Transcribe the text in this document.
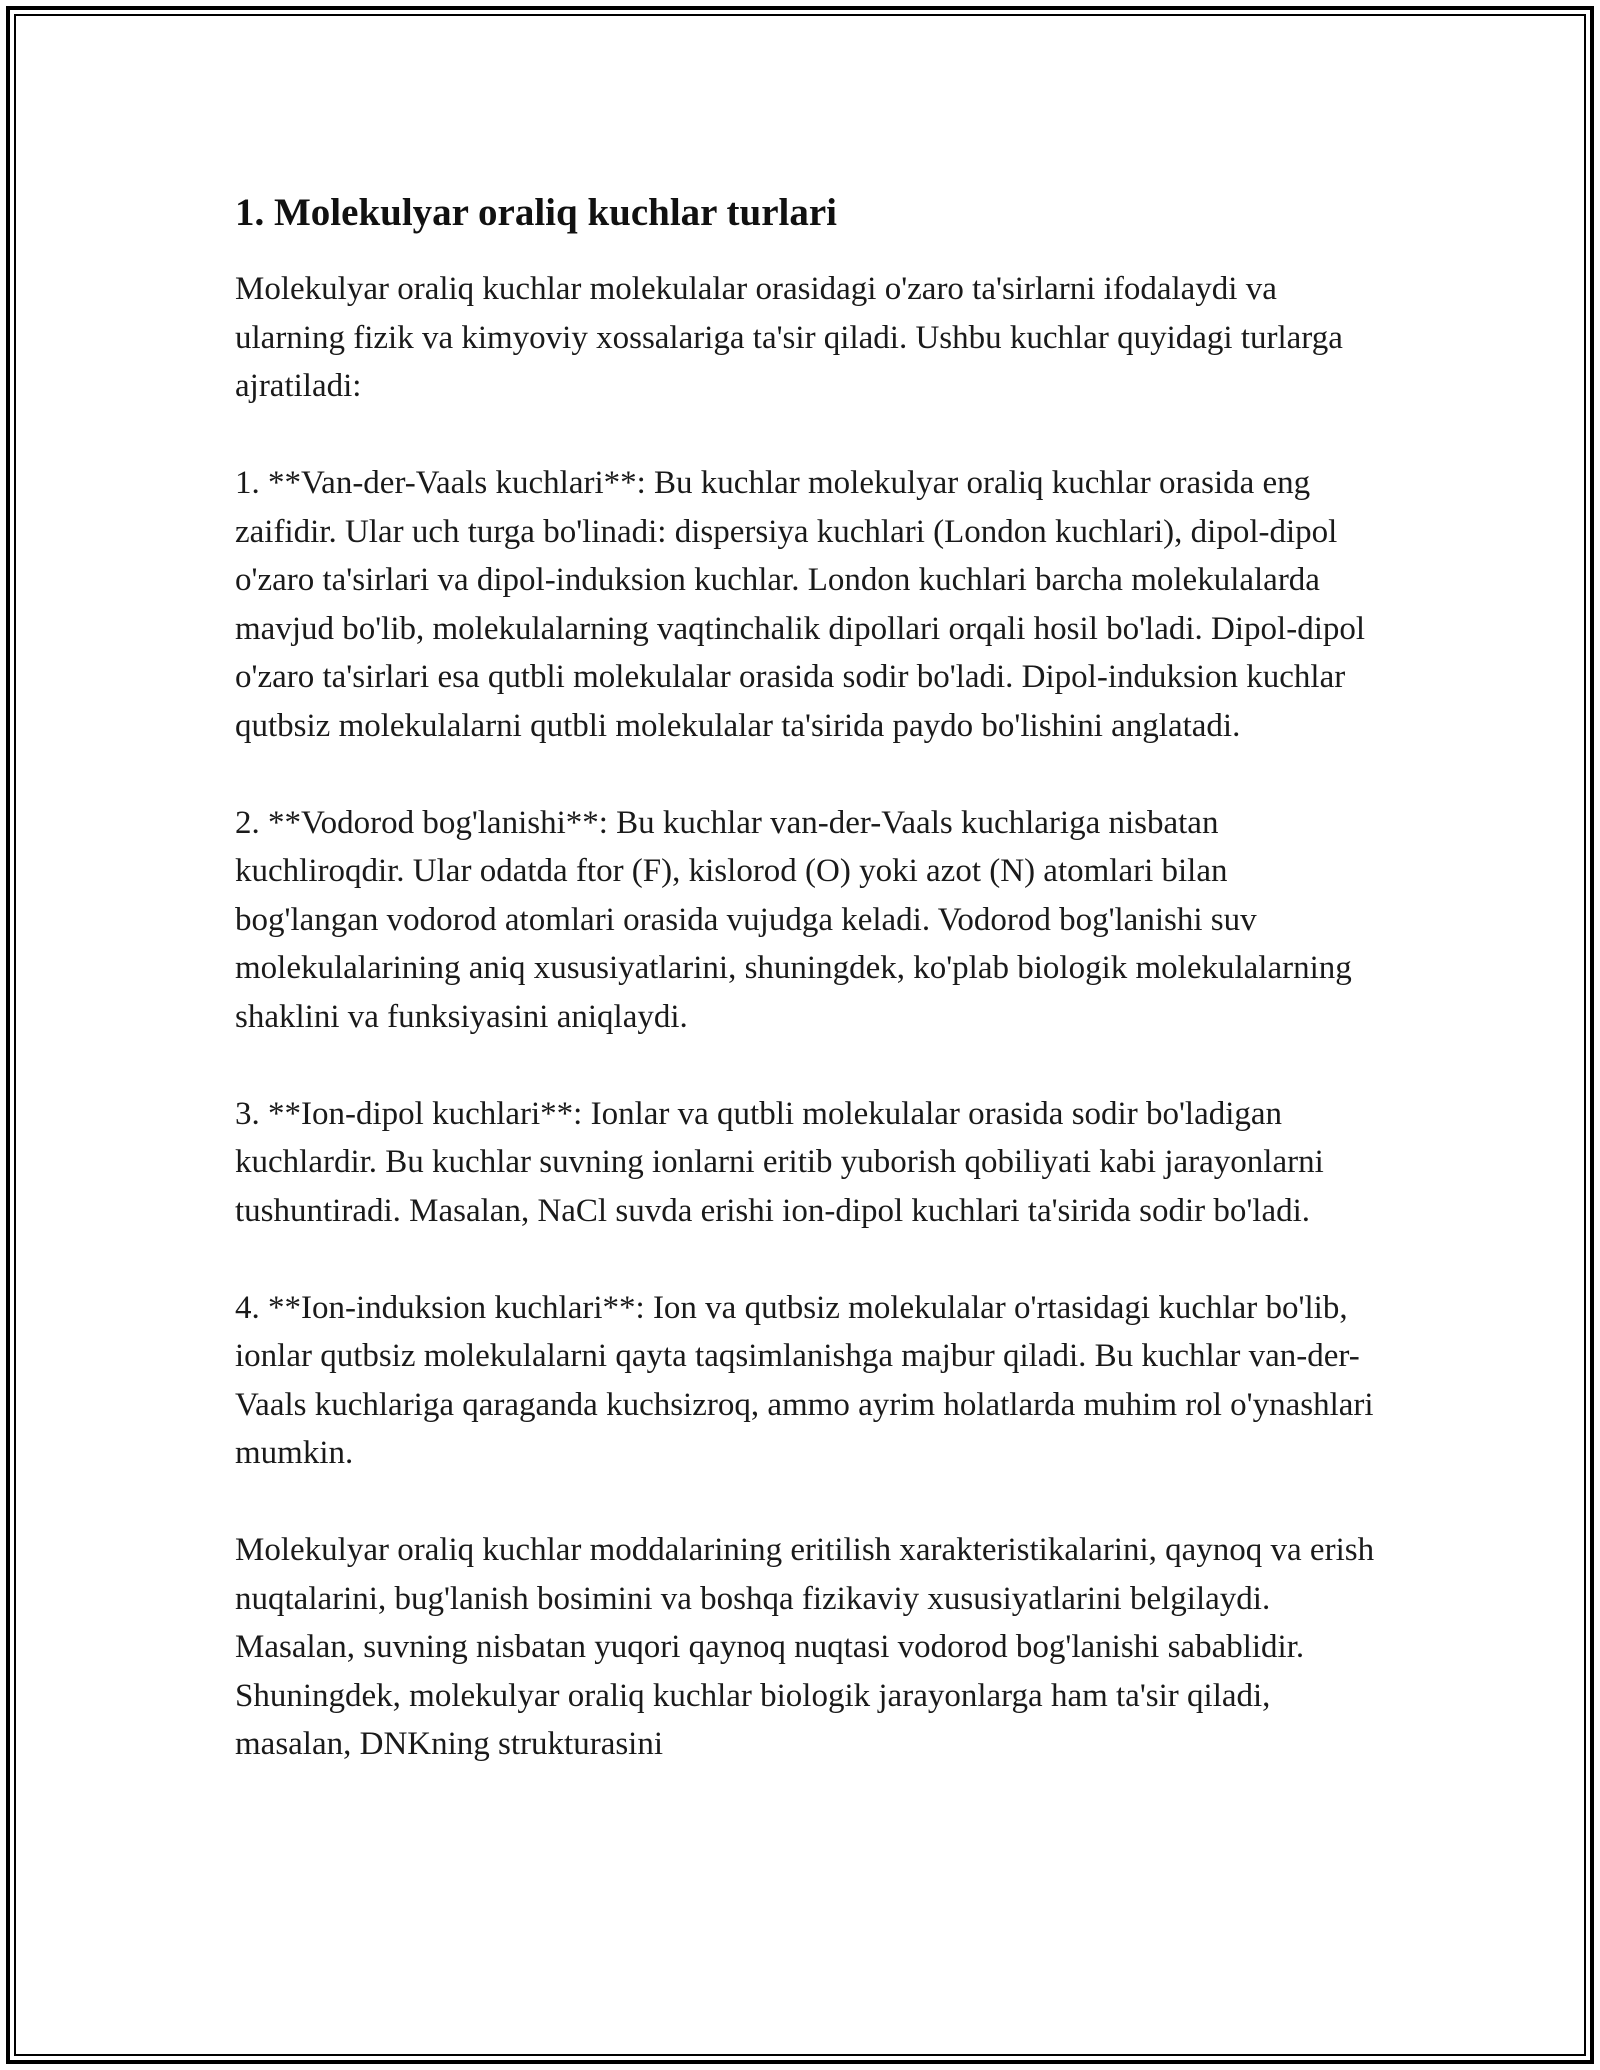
1. Molekulyar oraliq kuchlar turlari

Molekulyar oraliq kuchlar molekulalar orasidagi o'zaro ta'sirlarni ifodalaydi va ularning fizik va kimyoviy xossalariga ta'sir qiladi. Ushbu kuchlar quyidagi turlarga ajratiladi:

1. **Van-der-Vaals kuchlari**: Bu kuchlar molekulyar oraliq kuchlar orasida eng zaifidir. Ular uch turga bo'linadi: dispersiya kuchlari (London kuchlari), dipol-dipol o'zaro ta'sirlari va dipol-induksion kuchlar. London kuchlari barcha molekulalarda mavjud bo'lib, molekulalarning vaqtinchalik dipollari orqali hosil bo'ladi. Dipol-dipol o'zaro ta'sirlari esa qutbli molekulalar orasida sodir bo'ladi. Dipol-induksion kuchlar qutbsiz molekulalarni qutbli molekulalar ta'sirida paydo bo'lishini anglatadi.

2. **Vodorod bog'lanishi**: Bu kuchlar van-der-Vaals kuchlariga nisbatan kuchliroqdir. Ular odatda ftor (F), kislorod (O) yoki azot (N) atomlari bilan bog'langan vodorod atomlari orasida vujudga keladi. Vodorod bog'lanishi suv molekulalarining aniq xususiyatlarini, shuningdek, ko'plab biologik molekulalarning shaklini va funksiyasini aniqlaydi.

3. **Ion-dipol kuchlari**: Ionlar va qutbli molekulalar orasida sodir bo'ladigan kuchlardir. Bu kuchlar suvning ionlarni eritib yuborish qobiliyati kabi jarayonlarni tushuntiradi. Masalan, NaCl suvda erishi ion-dipol kuchlari ta'sirida sodir bo'ladi.

4. **Ion-induksion kuchlari**: Ion va qutbsiz molekulalar o'rtasidagi kuchlar bo'lib, ionlar qutbsiz molekulalarni qayta taqsimlanishga majbur qiladi. Bu kuchlar van-der-Vaals kuchlariga qaraganda kuchsizroq, ammo ayrim holatlarda muhim rol o'ynashlari mumkin.

Molekulyar oraliq kuchlar moddalarining eritilish xarakteristikalarini, qaynoq va erish nuqtalarini, bug'lanish bosimini va boshqa fizikaviy xususiyatlarini belgilaydi. Masalan, suvning nisbatan yuqori qaynoq nuqtasi vodorod bog'lanishi sabablidir. Shuningdek, molekulyar oraliq kuchlar biologik jarayonlarga ham ta'sir qiladi, masalan, DNKning strukturasini
